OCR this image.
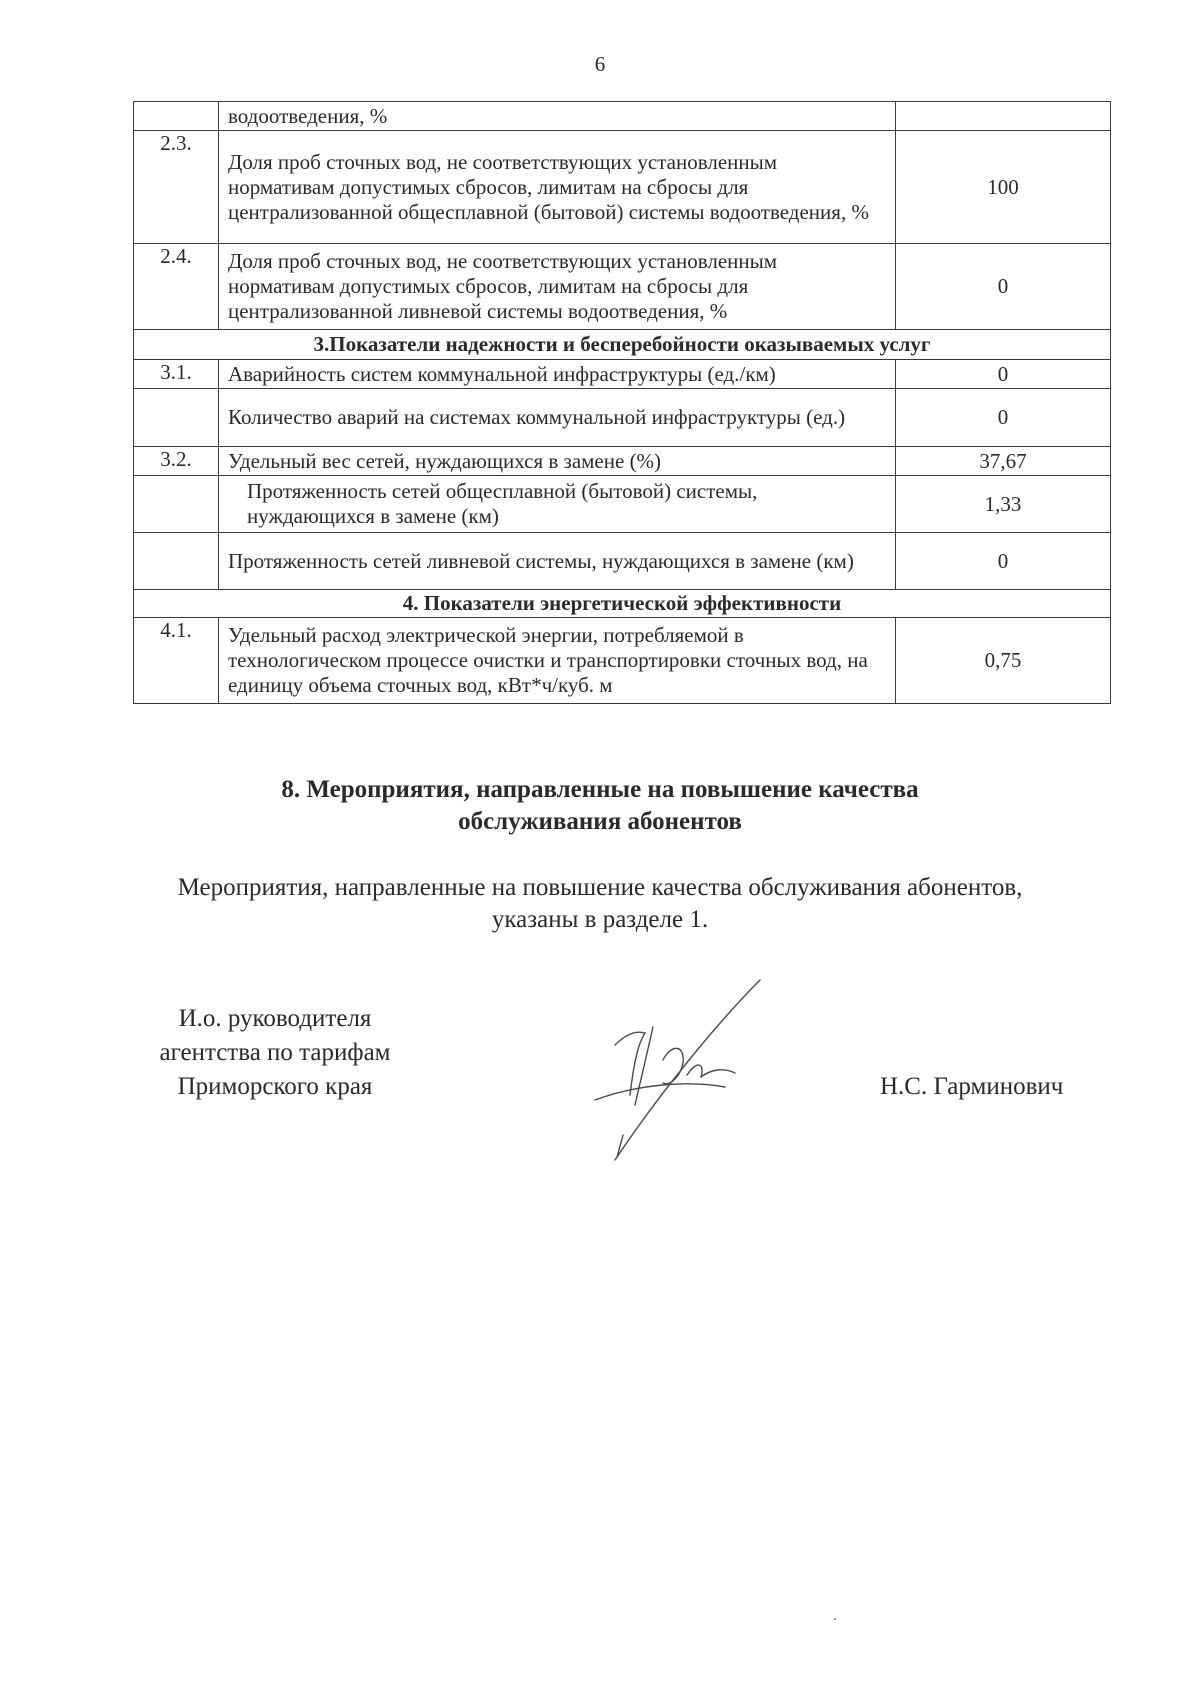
6
	водоотведения, %	
2.3.	Доля проб сточных вод, не соответствующих установленным нормативам допустимых сбросов, лимитам на сбросы для централизованной общесплавной (бытовой) системы водоотведения, %	100
2.4.	Доля проб сточных вод, не соответствующих установленным нормативам допустимых сбросов, лимитам на сбросы для централизованной ливневой системы водоотведения, %	0
3.Показатели надежности и бесперебойности оказываемых услуг		
3.1.	Аварийность систем коммунальной инфраструктуры (ед./км)	0
	Количество аварий на системах коммунальной инфраструктуры (ед.)	0
3.2.	Удельный вес сетей, нуждающихся в замене (%)	37,67
	Протяженность сетей общесплавной (бытовой) системы, нуждающихся в замене (км)	1,33
	Протяженность сетей ливневой системы, нуждающихся в замене (км)	0
4. Показатели энергетической эффективности		
4.1.	Удельный расход электрической энергии, потребляемой в технологическом процессе очистки и транспортировки сточных вод, на единицу объема сточных вод, кВт*ч/куб. м	0,75
8. Мероприятия, направленные на повышение качества
обслуживания абонентов
Мероприятия, направленные на повышение качества обслуживания абонентов,
указаны в разделе 1.
И.о. руководителя
агентства по тарифам
Приморского края	Н.С. Гарминович
